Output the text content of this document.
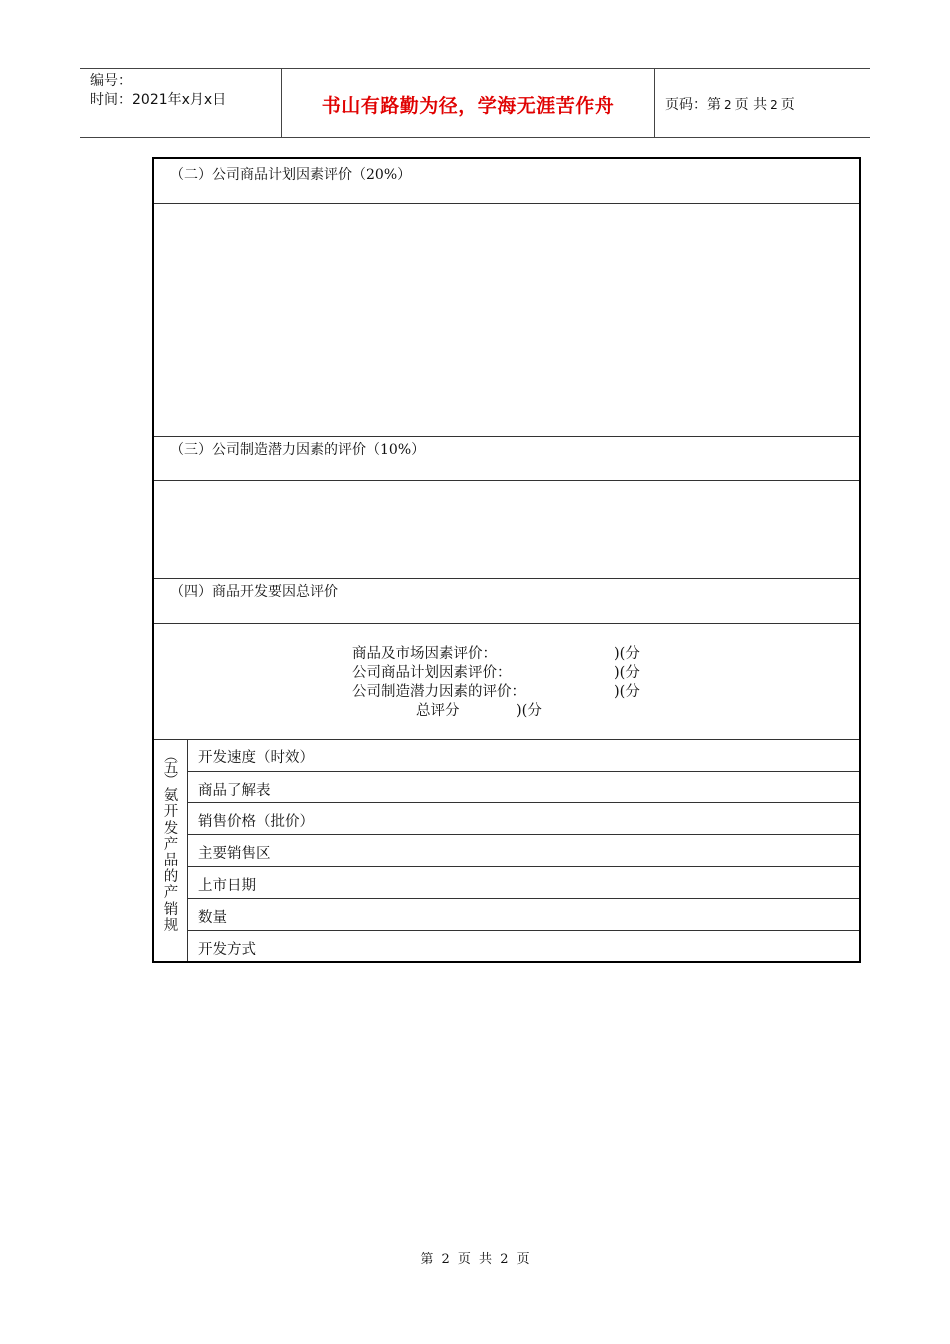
编号：
时间：2021年x月x日	书山有路勤为径，学海无涯苦作舟	页码：第 2 页 共 2 页
（二）公司商品计划因素评价（20%）
（三）公司制造潜力因素的评价（10%）
（四）商品开发要因总评价
商品及市场因素评价：	)(分
公司商品计划因素评价：	)(分
公司制造潜力因素的评价：	)(分
总评分	)(分
︵
五
︶
氨开发产品的产销规
开发速度（时效）
商品了解表
销售价格（批价）
主要销售区
上市日期
数量
开发方式
第 2 页 共 2 页
